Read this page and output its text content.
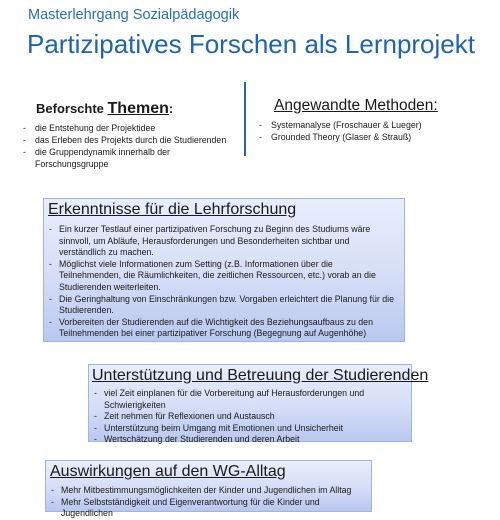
Masterlehrgang Sozialpädagogik
Partizipatives Forschen als Lernprojekt
Beforschte Themen:
- die Entstehung der Projektidee
- das Erleben des Projekts durch die Studierenden
- die Gruppendynamik innerhalb der Forschungsgruppe
Angewandte Methoden:
- Systemanalyse (Froschauer & Lueger)
- Grounded Theory (Glaser & Strauß)
Erkenntnisse für die Lehrforschung
- Ein kurzer Testlauf einer partizipativen Forschung zu Beginn des Studiums wäre sinnvoll, um Abläufe, Herausforderungen und Besonderheiten sichtbar und verständlich zu machen.
- Möglichst viele Informationen zum Setting (z.B. Informationen über die Teilnehmenden, die Räumlichkeiten, die zeitlichen Ressourcen, etc.) vorab an die Studierenden weiterleiten.
- Die Geringhaltung von Einschränkungen bzw. Vorgaben erleichtert die Planung für die Studierenden.
- Vorbereiten der Studierenden auf die Wichtigkeit des Beziehungsaufbaus zu den Teilnehmenden bei einer partizipativer Forschung (Begegnung auf Augenhöhe)
Unterstützung und Betreuung der Studierenden
- viel Zeit einplanen für die Vorbereitung auf Herausforderungen und Schwierigkeiten
- Zeit nehmen für Reflexionen und Austausch
- Unterstützung beim Umgang mit Emotionen und Unsicherheit
- Wertschätzung der Studierenden und deren Arbeit
Auswirkungen auf den WG-Alltag
- Mehr Mitbestimmungsmöglichkeiten der Kinder und Jugendlichen im Alltag
- Mehr Selbstständigkeit und Eigenverantwortung für die Kinder und Jugendlichen
